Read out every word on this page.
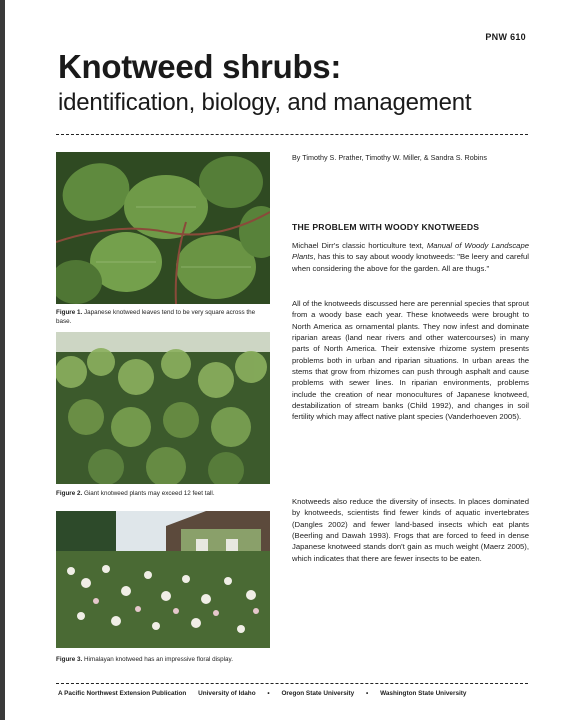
PNW 610
Knotweed shrubs:
identification, biology, and management
Figure 1. Japanese knotweed leaves tend to be very square across the base.
Figure 2. Giant knotweed plants may exceed 12 feet tall.
Figure 3. Himalayan knotweed has an impressive floral display.
By Timothy S. Prather, Timothy W. Miller, & Sandra S. Robins
THE PROBLEM WITH WOODY KNOTWEEDS

Michael Dirr's classic horticulture text, Manual of Woody Landscape Plants, has this to say about woody knotweeds: "Be leery and careful when considering the above for the garden. All are thugs."

All of the knotweeds discussed here are perennial species that sprout from a woody base each year. These knotweeds were brought to North America as ornamental plants. They now infest and dominate riparian areas (land near rivers and other watercourses) in many parts of North America. Their extensive rhizome system presents problems both in urban and riparian situations. In urban areas the stems that grow from rhizomes can push through asphalt and cause problems with sewer lines. In riparian environments, problems include the creation of near monocultures of Japanese knotweed, destabilization of stream banks (Child 1992), and changes in soil fertility which may affect native plant species (Vanderhoeven 2005).

Knotweeds also reduce the diversity of insects. In places dominated by knotweeds, scientists find fewer kinds of aquatic invertebrates (Dangles 2002) and fewer land-based insects which eat plants (Beerling and Dawah 1993). Frogs that are forced to feed in dense Japanese knotweed stands don't gain as much weight (Maerz 2005), which indicates that there are fewer insects to be eaten.

A Pacific Northwest Extension Publication University of Idaho • Oregon State University • Washington State University
